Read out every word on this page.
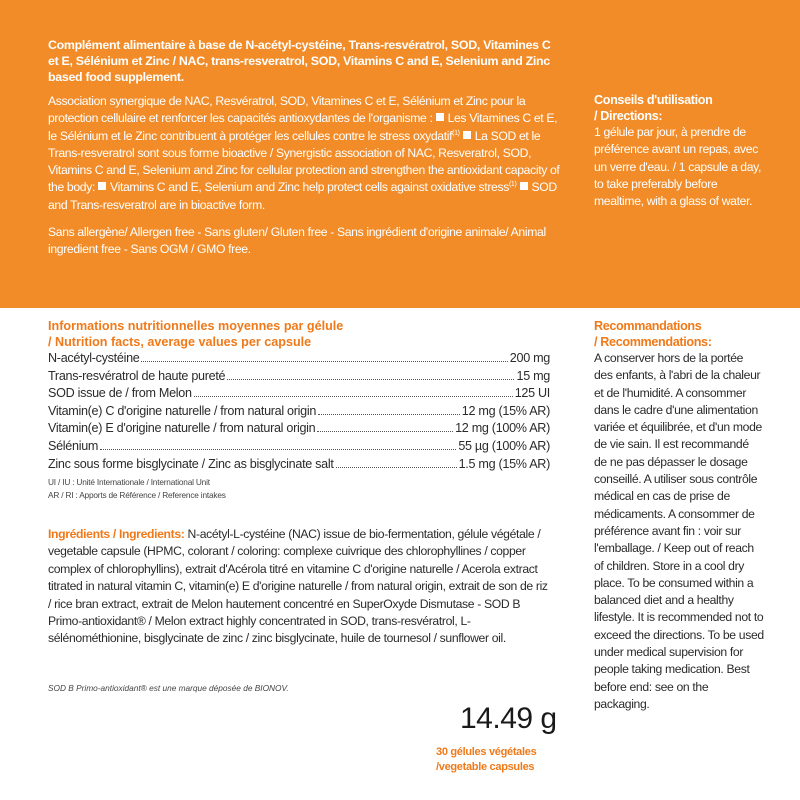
Complément alimentaire à base de N-acétyl-cystéine, Trans-resvératrol, SOD, Vitamines C et E, Sélénium et Zinc / NAC, trans-resveratrol, SOD, Vitamins C and E, Selenium and Zinc based food supplement.

Association synergique de NAC, Resvératrol, SOD, Vitamines C et E, Sélénium et Zinc pour la protection cellulaire et renforcer les capacités antioxydantes de l'organisme : Les Vitamines C et E, le Sélénium et le Zinc contribuent à protéger les cellules contre le stress oxydatif$^{(1)}$ La SOD et le Trans-resveratrol sont sous forme bioactive / Synergistic association of NAC, Resveratrol, SOD, Vitamins C and E, Selenium and Zinc for cellular protection and strengthen the antioxidant capacity of the body: Vitamins C and E, Selenium and Zinc help protect cells against oxidative stress$^{(1)}$ SOD and Trans-resveratrol are in bioactive form.

Sans allergène/ Allergen free - Sans gluten/ Gluten free - Sans ingrédient d'origine animale/ Animal ingredient free - Sans OGM / GMO free.

Conseils d'utilisation
/ Directions:
1 gélule par jour, à prendre de préférence avant un repas, avec un verre d'eau. / 1 capsule a day, to take preferably before mealtime, with a glass of water.
Informations nutritionnelles moyennes par gélule
/ Nutrition facts, average values per capsule
N-acétyl-cystéine	200 mg
Trans-resvératrol de haute pureté	15 mg
SOD issue de / from Melon	125 UI
Vitamin(e) C d'origine naturelle / from natural origin	12 mg (15% AR)
Vitamin(e) E d'origine naturelle / from natural origin	12 mg (100% AR)
Sélénium	55 µg (100% AR)
Zinc sous forme bisglycinate / Zinc as bisglycinate salt	1.5 mg (15% AR)
UI / IU : Unité Internationale / International Unit
AR / RI : Apports de Référence / Reference intakes
Ingrédients / Ingredients: N-acétyl-L-cystéine (NAC) issue de bio-fermentation, gélule végétale / vegetable capsule (HPMC, colorant / coloring: complexe cuivrique des chlorophyllines / copper complex of chlorophyllins), extrait d'Acérola titré en vitamine C d'origine naturelle / Acerola extract titrated in natural vitamin C, vitamin(e) E d'origine naturelle / from natural origin, extrait de son de riz / rice bran extract, extrait de Melon hautement concentré en SuperOxyde Dismutase - SOD B Primo-antioxidant® / Melon extract highly concentrated in SOD, trans-resvératrol, L-sélénométhionine, bisglycinate de zinc / zinc bisglycinate, huile de tournesol / sunflower oil.
SOD B Primo-antioxidant® est une marque déposée de BIONOV.
Recommandations
/ Recommendations:
A conserver hors de la portée des enfants, à l'abri de la chaleur et de l'humidité. A consommer dans le cadre d'une alimentation variée et équilibrée, et d'un mode de vie sain. Il est recommandé de ne pas dépasser le dosage conseillé. A utiliser sous contrôle médical en cas de prise de médicaments. A consommer de préférence avant fin : voir sur l'emballage. / Keep out of reach of children. Store in a cool dry place. To be consumed within a balanced diet and a healthy lifestyle. It is recommended not to exceed the directions. To be used under medical supervision for people taking medication. Best before end: see on the packaging.
14.49 g
30 gélules végétales
/vegetable capsules
